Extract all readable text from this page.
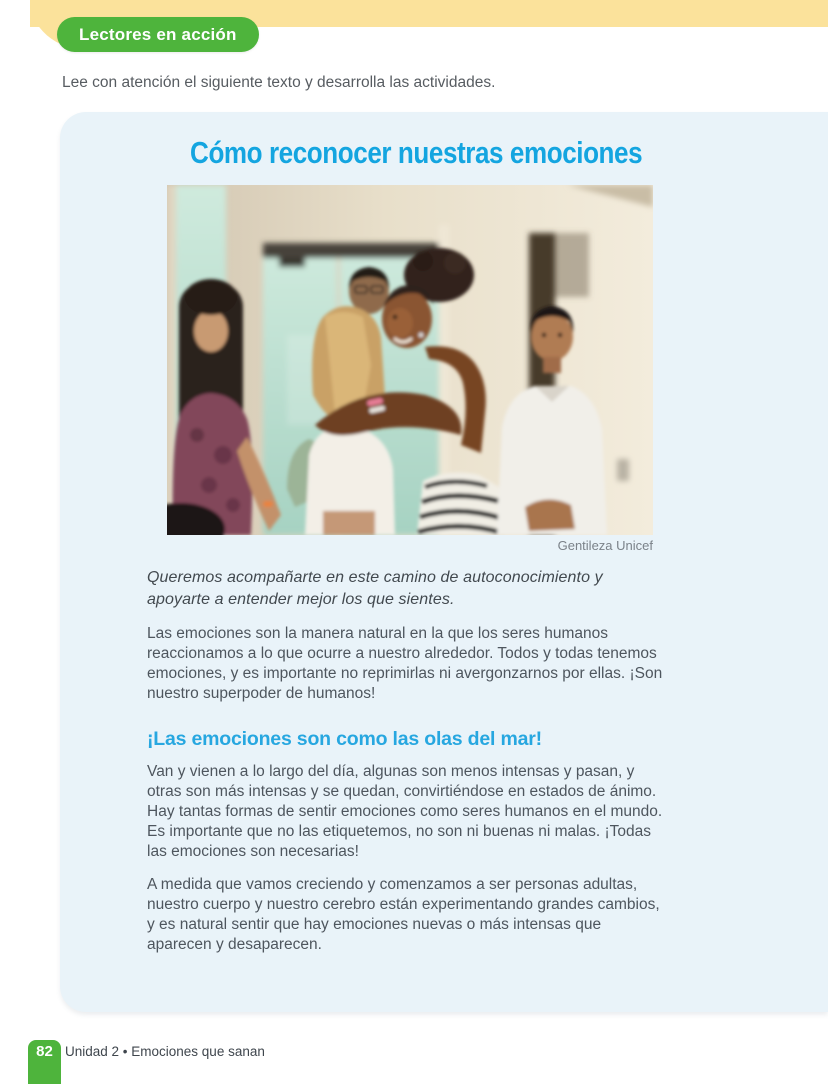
Lectores en acción

Lee con atención el siguiente texto y desarrolla las actividades.

Cómo reconocer nuestras emociones
Gentileza Unicef

Queremos acompañarte en este camino de autoconocimiento y apoyarte a entender mejor los que sientes.

Las emociones son la manera natural en la que los seres humanos reaccionamos a lo que ocurre a nuestro alrededor. Todos y todas tenemos emociones, y es importante no reprimirlas ni avergonzarnos por ellas. ¡Son nuestro superpoder de humanos!

¡Las emociones son como las olas del mar!

Van y vienen a lo largo del día, algunas son menos intensas y pasan, y otras son más intensas y se quedan, convirtiéndose en estados de ánimo. Hay tantas formas de sentir emociones como seres humanos en el mundo. Es importante que no las etiquetemos, no son ni buenas ni malas. ¡Todas las emociones son necesarias!

A medida que vamos creciendo y comenzamos a ser personas adultas, nuestro cuerpo y nuestro cerebro están experimentando grandes cambios, y es natural sentir que hay emociones nuevas o más intensas que aparecen y desaparecen.

82 Unidad 2 • Emociones que sanan
